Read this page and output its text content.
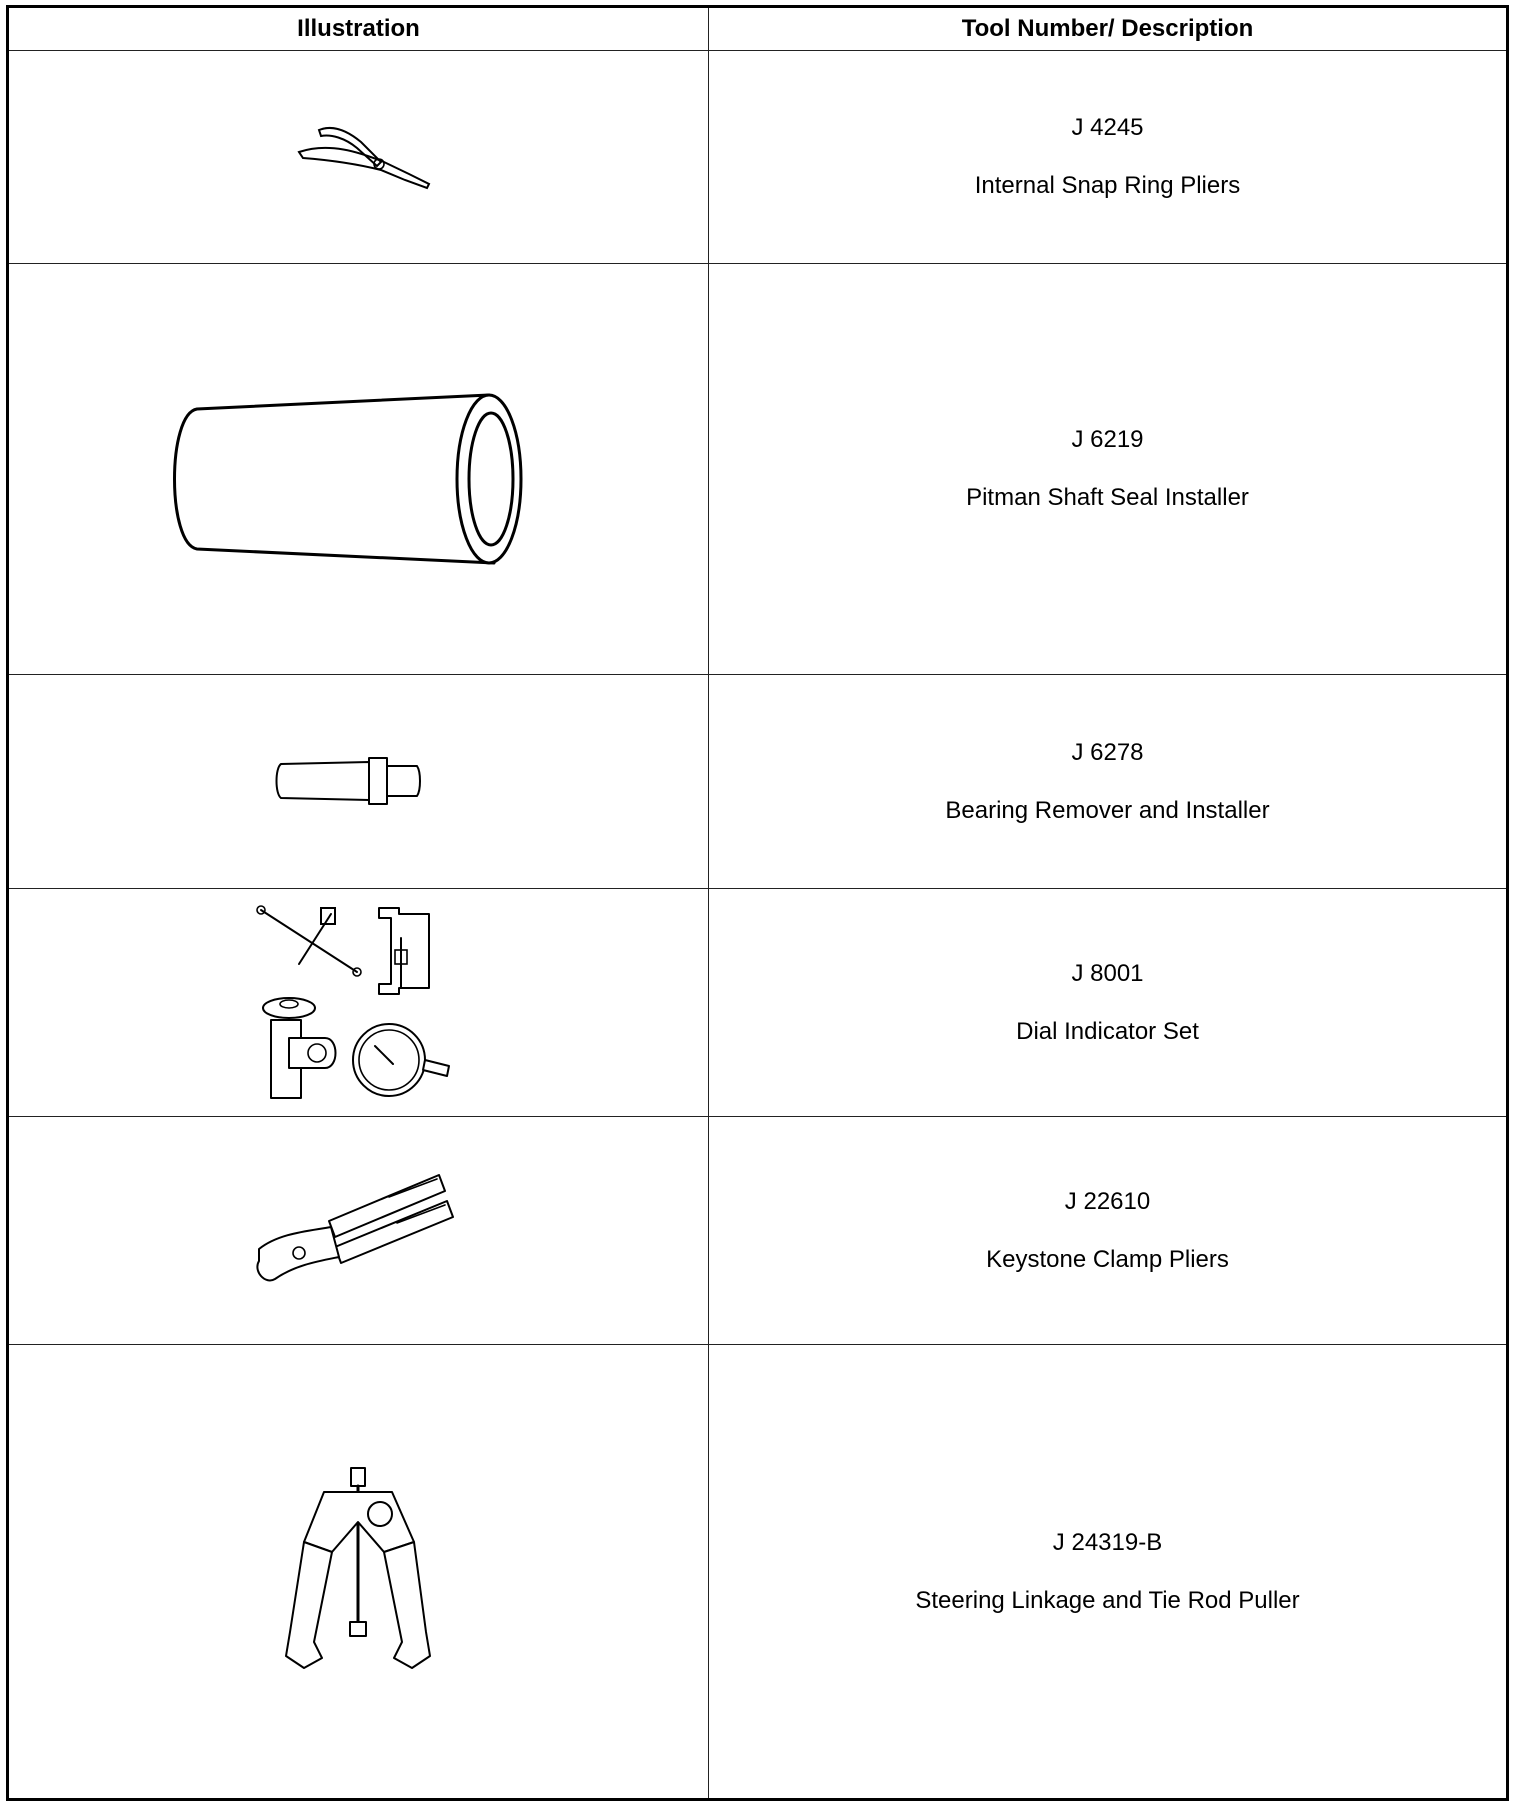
Illustration	Tool Number/ Description
J 4245
Internal Snap Ring Pliers
J 6219
Pitman Shaft Seal Installer
J 6278
Bearing Remover and Installer
J 8001
Dial Indicator Set
J 22610
Keystone Clamp Pliers
J 24319-B
Steering Linkage and Tie Rod Puller
